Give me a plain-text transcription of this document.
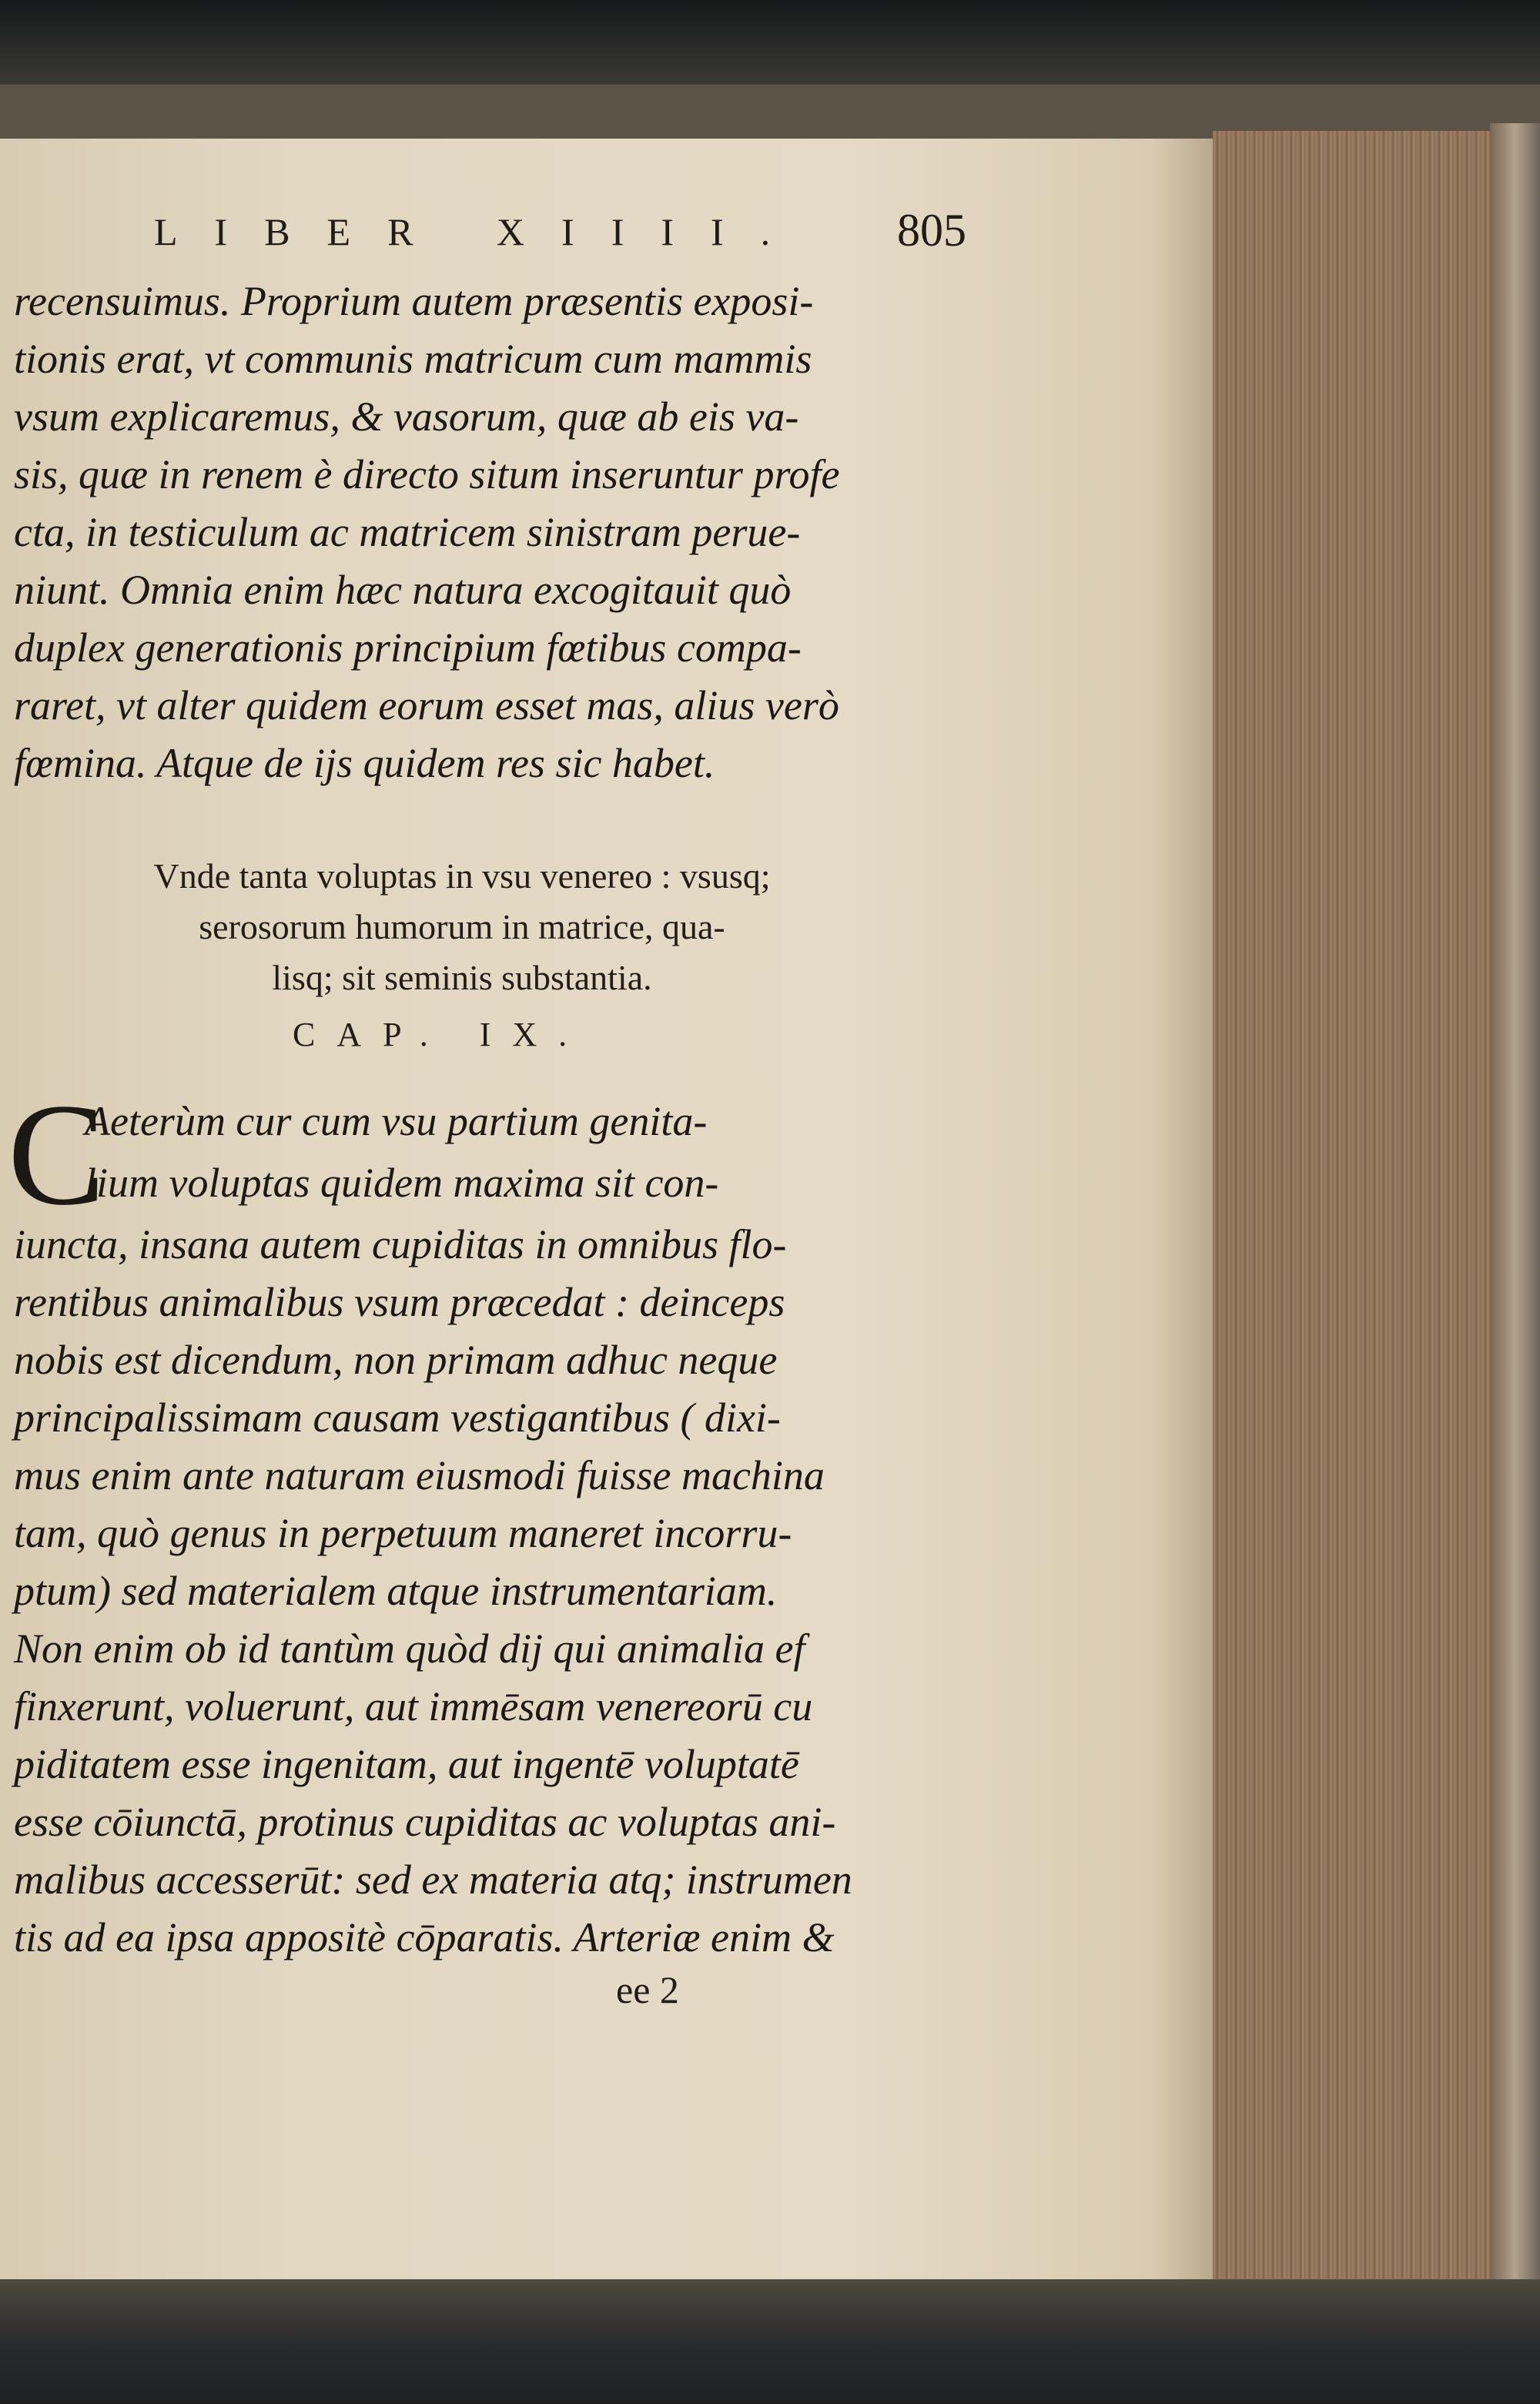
LIBER XIIII. 805
recensuimus. Proprium autem præsentis exposi-
tionis erat, vt communis matricum cum mammis
vsum explicaremus, & vasorum, quæ ab eis va-
sis, quæ in renem è directo situm inseruntur profe
cta, in testiculum ac matricem sinistram perue-
niunt. Omnia enim hæc natura excogitauit quò
duplex generationis principium fœtibus compa-
raret, vt alter quidem eorum esset mas, alius verò
fœmina. Atque de ijs quidem res sic habet.
Vnde tanta voluptas in vsu venereo : vsusq;
serosorum humorum in matrice, qua-
lisq; sit seminis substantia.
CAP. IX.
C
Aeterùm cur cum vsu partium genita-
lium voluptas quidem maxima sit con-
iuncta, insana autem cupiditas in omnibus flo-
rentibus animalibus vsum præcedat : deinceps
nobis est dicendum, non primam adhuc neque
principalissimam causam vestigantibus ( dixi-
mus enim ante naturam eiusmodi fuisse machina
tam, quò genus in perpetuum maneret incorru-
ptum) sed materialem atque instrumentariam.
Non enim ob id tantùm quòd dij qui animalia ef
finxerunt, voluerunt, aut immēsam venereorū cu
piditatem esse ingenitam, aut ingentē voluptatē
esse cōiunctā, protinus cupiditas ac voluptas ani-
malibus accesserūt: sed ex materia atq; instrumen
tis ad ea ipsa appositè cōparatis. Arteriæ enim &
ee 2
